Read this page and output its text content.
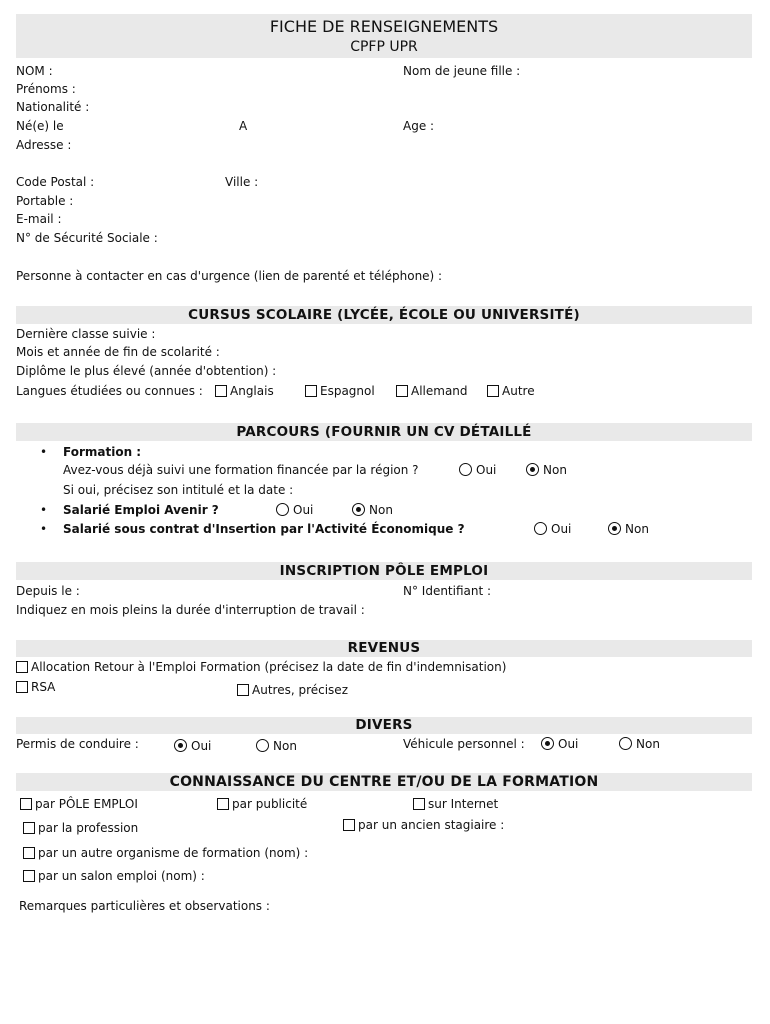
FICHE DE RENSEIGNEMENTS
CPFP UPR
NOM :	Nom de jeune fille :
Prénoms :
Nationalité :
Né(e) le	A	Age :
Adresse :
Code Postal :	Ville :
Portable :
E-mail :
N° de Sécurité Sociale :
Personne à contacter en cas d'urgence (lien de parenté et téléphone) :
CURSUS SCOLAIRE (LYCÉE, ÉCOLE OU UNIVERSITÉ)
Dernière classe suivie :
Mois et année de fin de scolarité :
Diplôme le plus élevé (année d'obtention) :
Langues étudiées ou connues :	Anglais	Espagnol	Allemand	Autre
PARCOURS (FOURNIR UN CV DÉTAILLÉ
• Formation :
Avez-vous déjà suivi une formation financée par la région ?	Oui	Non
Si oui, précisez son intitulé et la date :
• Salarié Emploi Avenir ?	Oui	Non
• Salarié sous contrat d'Insertion par l'Activité Économique ?	Oui	Non
INSCRIPTION PÔLE EMPLOI
Depuis le :	N° Identifiant :
Indiquez en mois pleins la durée d'interruption de travail :
REVENUS
Allocation Retour à l'Emploi Formation (précisez la date de fin d'indemnisation)
RSA	Autres, précisez
DIVERS
Permis de conduire :	Oui	Non	Véhicule personnel :	Oui	Non
CONNAISSANCE DU CENTRE ET/OU DE LA FORMATION
par PÔLE EMPLOI	par publicité	sur Internet
par la profession	par un ancien stagiaire :
par un autre organisme de formation (nom) :
par un salon emploi (nom) :
Remarques particulières et observations :
